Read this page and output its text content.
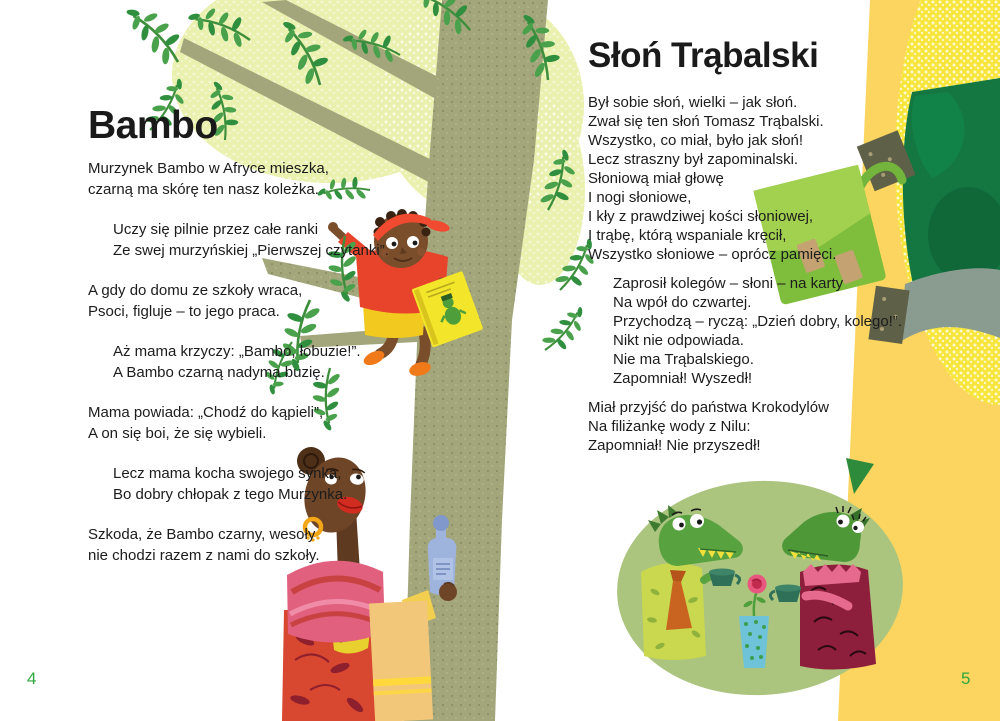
Bambo
Murzynek Bambo w Afryce mieszka,
czarną ma skórę ten nasz koleżka.
Uczy się pilnie przez całe ranki
Ze swej murzyńskiej „Pierwszej czytanki”.
A gdy do domu ze szkoły wraca,
Psoci, figluje – to jego praca.
Aż mama krzyczy: „Bambo, łobuzie!”.
A Bambo czarną nadyma buzię.
Mama powiada: „Chodź do kąpieli”,
A on się boi, że się wybieli.
Lecz mama kocha swojego synka,
Bo dobry chłopak z tego Murzynka.
Szkoda, że Bambo czarny, wesoły
nie chodzi razem z nami do szkoły.
Słoń Trąbalski
Był sobie słoń, wielki – jak słoń.
Zwał się ten słoń Tomasz Trąbalski.
Wszystko, co miał, było jak słoń!
Lecz straszny był zapominalski.
Słoniową miał głowę
I nogi słoniowe,
I kły z prawdziwej kości słoniowej,
I trąbę, którą wspaniale kręcił,
Wszystko słoniowe – oprócz pamięci.
Zaprosił kolegów – słoni – na karty
Na wpół do czwartej.
Przychodzą – ryczą: „Dzień dobry, kolego!”.
Nikt nie odpowiada.
Nie ma Trąbalskiego.
Zapomniał! Wyszedł!
Miał przyjść do państwa Krokodylów
Na filiżankę wody z Nilu:
Zapomniał! Nie przyszedł!
4	5
